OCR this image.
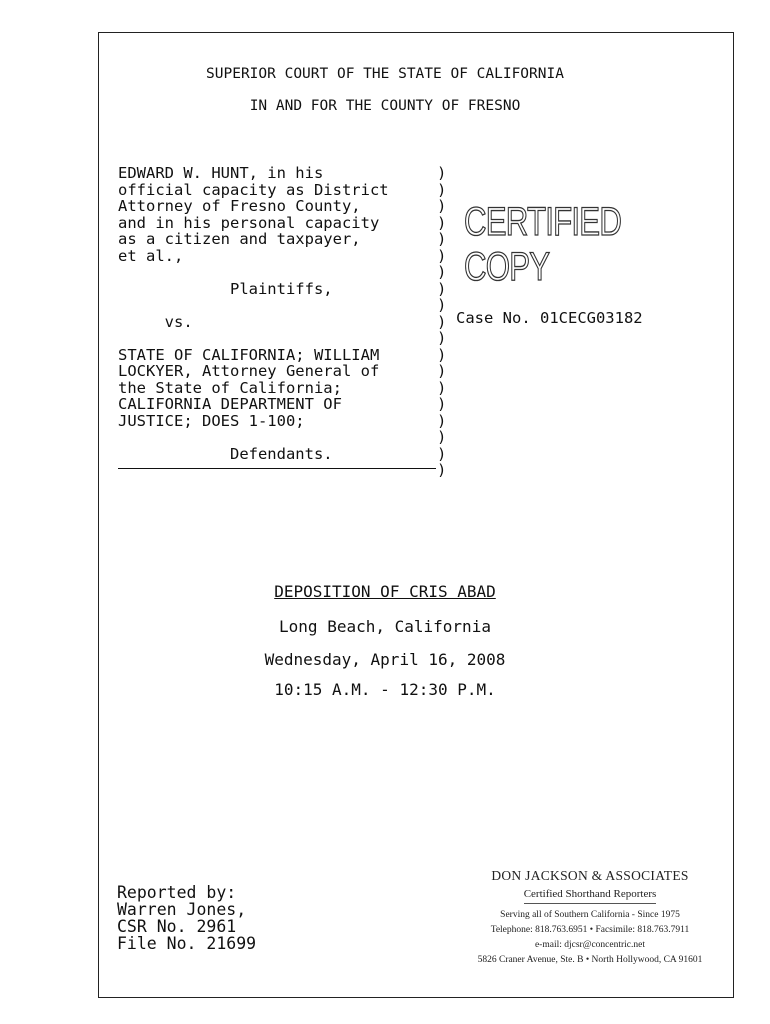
SUPERIOR COURT OF THE STATE OF CALIFORNIA
IN AND FOR THE COUNTY OF FRESNO
EDWARD W. HUNT, in his
official capacity as District
Attorney of Fresno County,
and in his personal capacity
as a citizen and taxpayer,
et al.,
Plaintiffs,
vs.
STATE OF CALIFORNIA; WILLIAM
LOCKYER, Attorney General of
the State of California;
CALIFORNIA DEPARTMENT OF
JUSTICE; DOES 1-100;
Defendants.
)
)
)
)
)
)
)
)
)
)
)
)
)
)
)
)
)
)
)
CERTIFIED COPY
Case No. 01CECG03182
DEPOSITION OF CRIS ABAD
Long Beach, California
Wednesday, April 16, 2008
10:15 A.M. - 12:30 P.M.
Reported by:
Warren Jones,
CSR No. 2961
File No. 21699
DON JACKSON & ASSOCIATES
Certified Shorthand Reporters
Serving all of Southern California - Since 1975
Telephone: 818.763.6951 • Facsimile: 818.763.7911
e-mail: djcsr@concentric.net
5826 Craner Avenue, Ste. B • North Hollywood, CA 91601
